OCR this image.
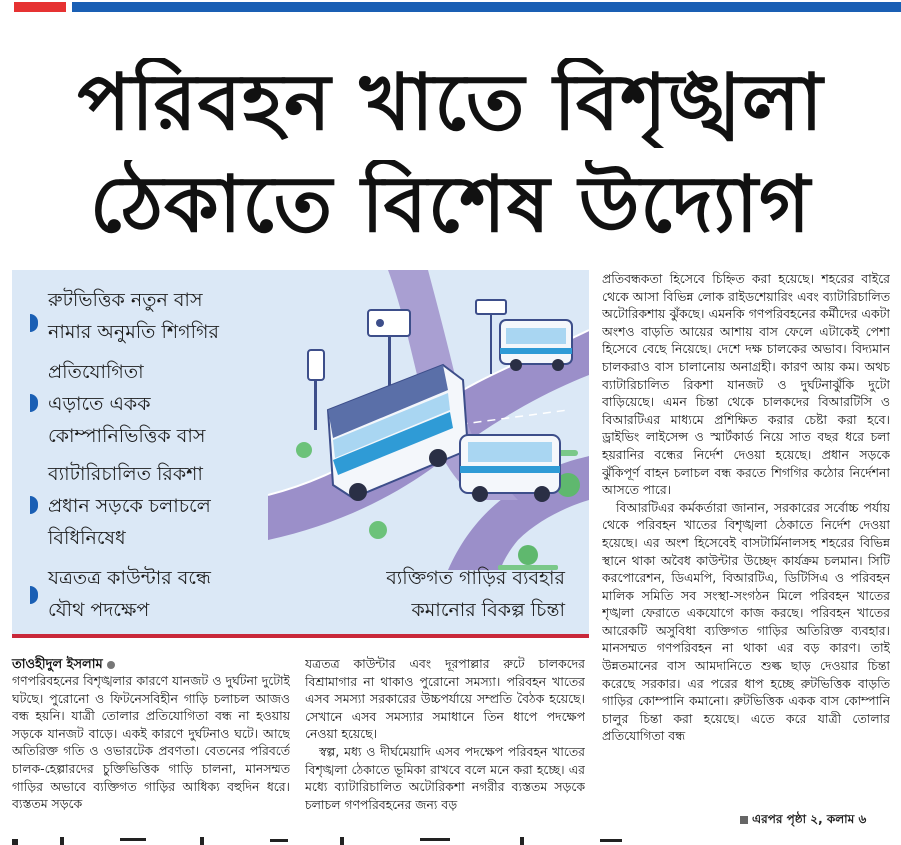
পরিবহন খাতে বিশৃঙ্খলা
ঠেকাতে বিশেষ উদ্যোগ
রুটভিত্তিক নতুন বাস
নামার অনুমতি শিগগির
প্রতিযোগিতা
এড়াতে একক
কোম্পানিভিত্তিক বাস
ব্যাটারিচালিত রিকশা
প্রধান সড়কে চলাচলে
বিধিনিষেধ
যত্রতত্র কাউন্টার বন্ধে
যৌথ পদক্ষেপ
ব্যক্তিগত গাড়ির ব্যবহার
কমানোর বিকল্প চিন্তা
তাওহীদুল ইসলাম

গণপরিবহনের বিশৃঙ্খলার কারণে যানজট ও দুর্ঘটনা দুটোই ঘটছে। পুরোনো ও ফিটনেসবিহীন গাড়ি চলাচল আজও বন্ধ হয়নি। যাত্রী তোলার প্রতিযোগিতা বন্ধ না হওয়ায় সড়কে যানজট বাড়ে। একই কারণে দুর্ঘটনাও ঘটে। আছে অতিরিক্ত গতি ও ওভারটেক প্রবণতা। বেতনের পরিবর্তে চালক-হেল্পারদের চুক্তিভিত্তিক গাড়ি চালনা, মানসম্মত গাড়ির অভাবে ব্যক্তিগত গাড়ির আধিক্য বহুদিন ধরে। ব্যস্ততম সড়কে

যত্রতত্র কাউন্টার এবং দূরপাল্লার রুটে চালকদের বিশ্রামাগার না থাকাও পুরোনো সমস্যা। পরিবহন খাতের এসব সমস্যা সরকারের উচ্চপর্যায়ে সম্প্রতি বৈঠক হয়েছে। সেখানে এসব সমস্যার সমাধানে তিন ধাপে পদক্ষেপ নেওয়া হয়েছে।

স্বল্প, মধ্য ও দীর্ঘমেয়াদি এসব পদক্ষেপ পরিবহন খাতের বিশৃঙ্খলা ঠেকাতে ভূমিকা রাখবে বলে মনে করা হচ্ছে। এর মধ্যে ব্যাটারিচালিত অটোরিকশা নগরীর ব্যস্ততম সড়কে চলাচল গণপরিবহনের জন্য বড়

প্রতিবন্ধকতা হিসেবে চিহ্নিত করা হয়েছে। শহরের বাইরে থেকে আসা বিভিন্ন লোক রাইডশেয়ারিং এবং ব্যাটারিচালিত অটোরিকশায় ঝুঁকছে। এমনকি গণপরিবহনের কর্মীদের একটা অংশও বাড়তি আয়ের আশায় বাস ফেলে এটাকেই পেশা হিসেবে বেছে নিয়েছে। দেশে দক্ষ চালকের অভাব। বিদ্যমান চালকরাও বাস চালানোয় অনাগ্রহী। কারণ আয় কম। অথচ ব্যাটারিচালিত রিকশা যানজট ও দুর্ঘটনাঝুঁকি দুটো বাড়িয়েছে। এমন চিন্তা থেকে চালকদের বিআরটিসি ও বিআরটিএর মাধ্যমে প্রশিক্ষিত করার চেষ্টা করা হবে। ড্রাইভিং লাইসেন্স ও স্মার্টকার্ড নিয়ে সাত বছর ধরে চলা হয়রানির বন্ধের নির্দেশ দেওয়া হয়েছে। প্রধান সড়কে ঝুঁকিপূর্ণ বাহন চলাচল বন্ধ করতে শিগগির কঠোর নির্দেশনা আসতে পারে।

বিআরটিএর কর্মকর্তারা জানান, সরকারের সর্বোচ্চ পর্যায় থেকে পরিবহন খাতের বিশৃঙ্খলা ঠেকাতে নির্দেশ দেওয়া হয়েছে। এর অংশ হিসেবেই বাসটার্মিনালসহ শহরের বিভিন্ন স্থানে থাকা অবৈধ কাউন্টার উচ্ছেদ কার্যক্রম চলমান। সিটি করপোরেশন, ডিএমপি, বিআরটিএ, ডিটিসিএ ও পরিবহন মালিক সমিতি সব সংস্থা-সংগঠন মিলে পরিবহন খাতের শৃঙ্খলা ফেরাতে একযোগে কাজ করছে। পরিবহন খাতের আরেকটি অসুবিধা ব্যক্তিগত গাড়ির অতিরিক্ত ব্যবহার। মানসম্মত গণপরিবহন না থাকা এর বড় কারণ। তাই উন্নতমানের বাস আমদানিতে শুল্ক ছাড় দেওয়ার চিন্তা করেছে সরকার। এর পরের ধাপ হচ্ছে রুটভিত্তিক বাড়তি গাড়ির কোম্পানি কমানো। রুটভিত্তিক একক বাস কোম্পানি চালুর চিন্তা করা হয়েছে। এতে করে যাত্রী তোলার প্রতিযোগিতা বন্ধ

এরপর পৃষ্ঠা ২, কলাম ৬
